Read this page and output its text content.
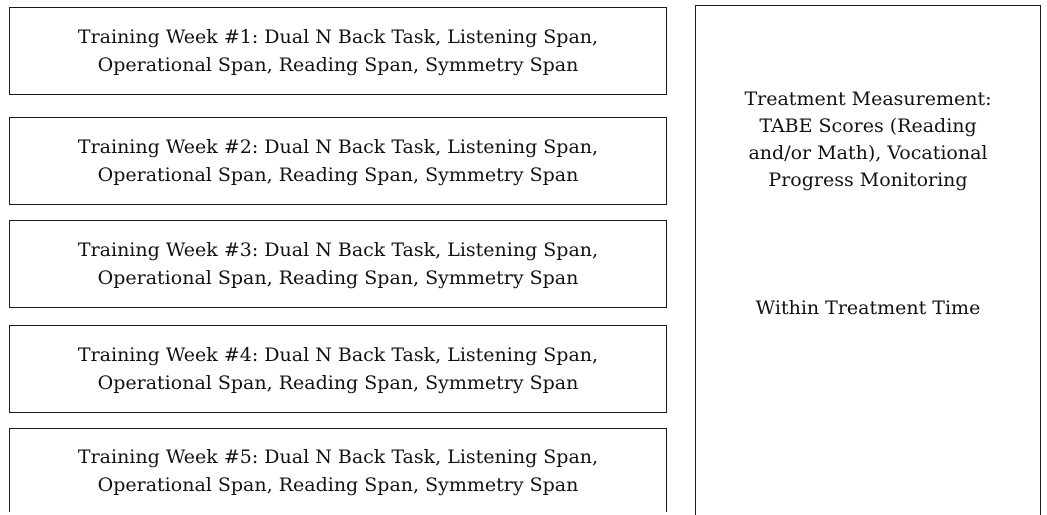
Training Week #1: Dual N Back Task, Listening Span,
Operational Span, Reading Span, Symmetry Span
Training Week #2: Dual N Back Task, Listening Span,
Operational Span, Reading Span, Symmetry Span
Training Week #3: Dual N Back Task, Listening Span,
Operational Span, Reading Span, Symmetry Span
Training Week #4: Dual N Back Task, Listening Span,
Operational Span, Reading Span, Symmetry Span
Training Week #5: Dual N Back Task, Listening Span,
Operational Span, Reading Span, Symmetry Span
Treatment Measurement:
TABE Scores (Reading
and/or Math), Vocational
Progress Monitoring
Within Treatment Time
